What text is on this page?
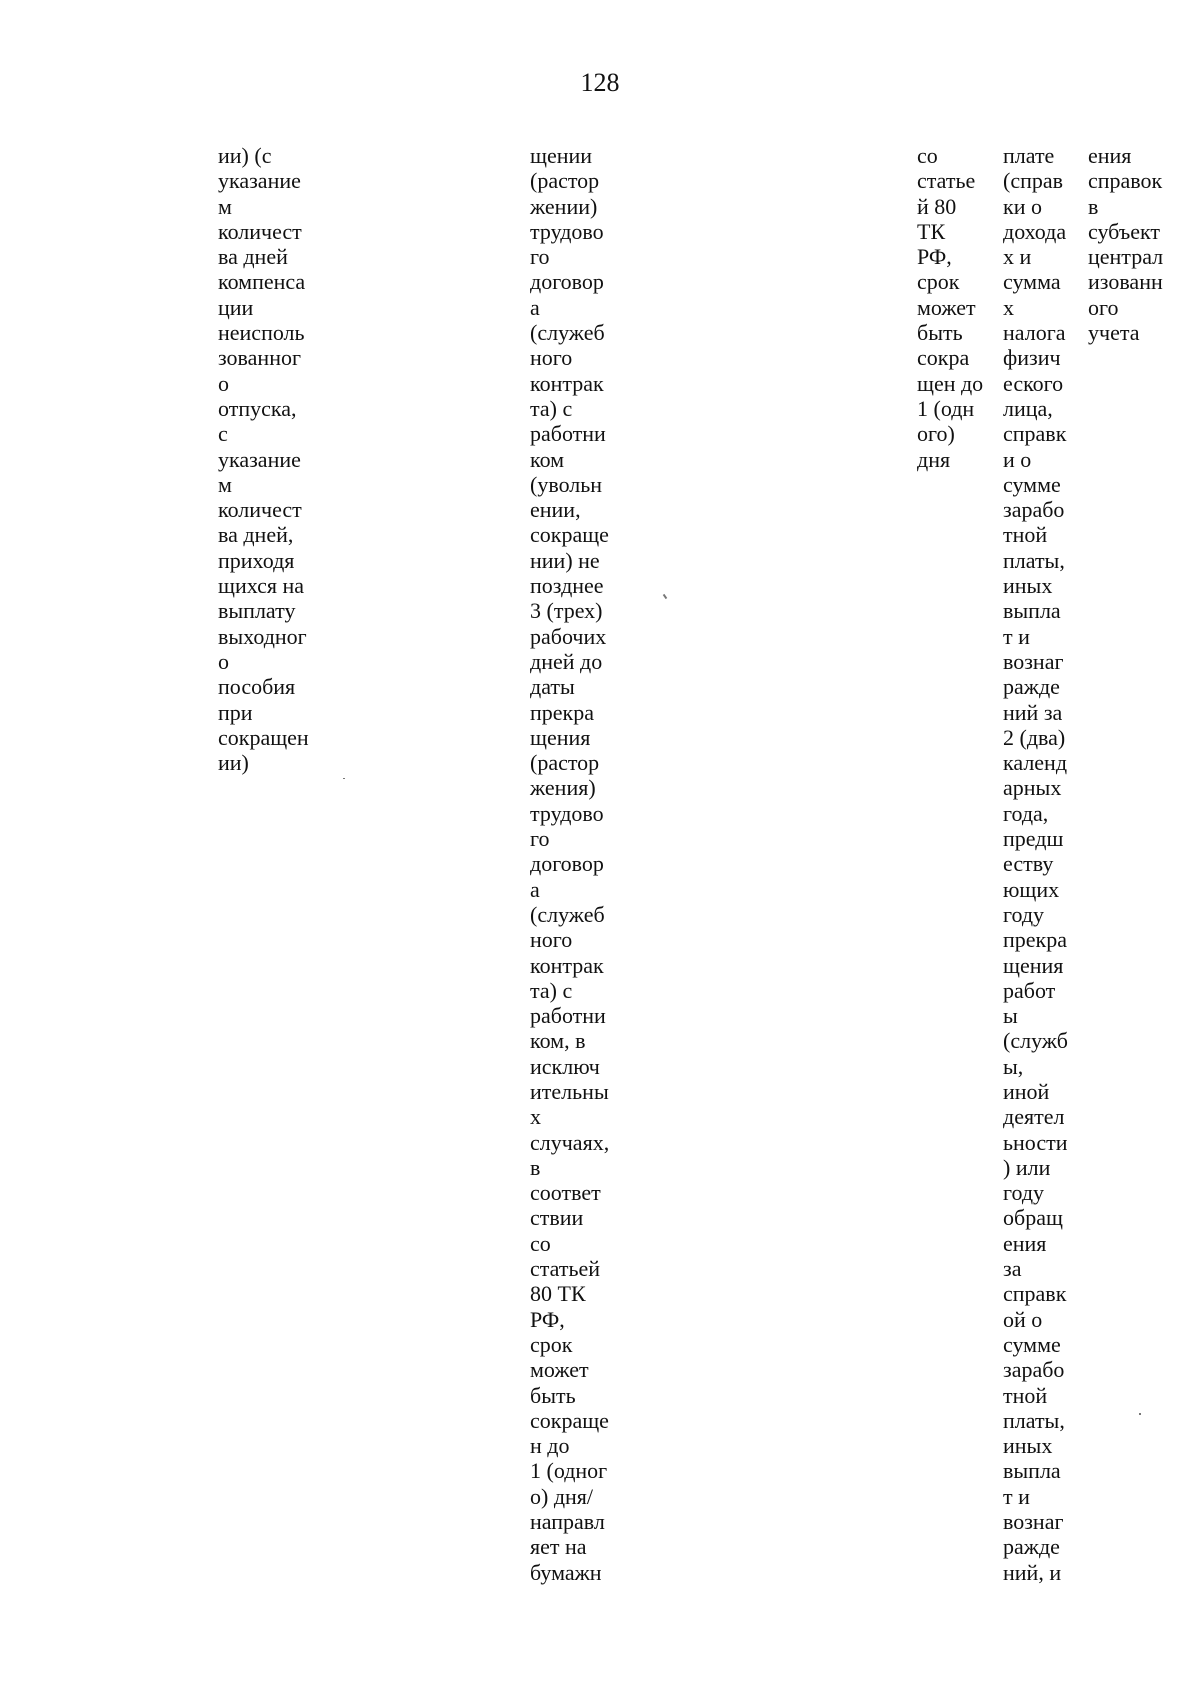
128
ии) (с
указание
м
количест
ва дней
компенса
ции
неисполь
зованног
о
отпуска,
с
указание
м
количест
ва дней,
приходя
щихся на
выплату
выходног
о
пособия
при
сокращен
ии)
щении
(растор
жении)
трудово
го
договор
а
(служеб
ного
контрак
та) с
работни
ком
(увольн
ении,
сокраще
нии) не
позднее
3 (трех)
рабочих
дней до
даты
прекра
щения
(растор
жения)
трудово
го
договор
а
(служеб
ного
контрак
та) с
работни
ком, в
исключ
ительны
х
случаях,
в
соответ
ствии
со
статьей
80 ТК
РФ,
срок
может
быть
сокраще
н до
1 (одног
о) дня/
направл
яет на
бумажн
со
статье
й 80
ТК
РФ,
срок
может
быть
сокра
щен до
1 (одн
ого)
дня
плате
(справ
ки о
дохода
х и
сумма
х
налога
физич
еского
лица,
справк
и о
сумме
зарабо
тной
платы,
иных
выпла
т и
вознаг
ражде
ний за
2 (два)
календ
арных
года,
предш
еству
ющих
году
прекра
щения
работ
ы
(служб
ы,
иной
деятел
ьности
) или
году
обращ
ения
за
справк
ой о
сумме
зарабо
тной
платы,
иных
выпла
т и
вознаг
ражде
ний, и
ения
справок
в
субъект
централ
изованн
ого
учета
